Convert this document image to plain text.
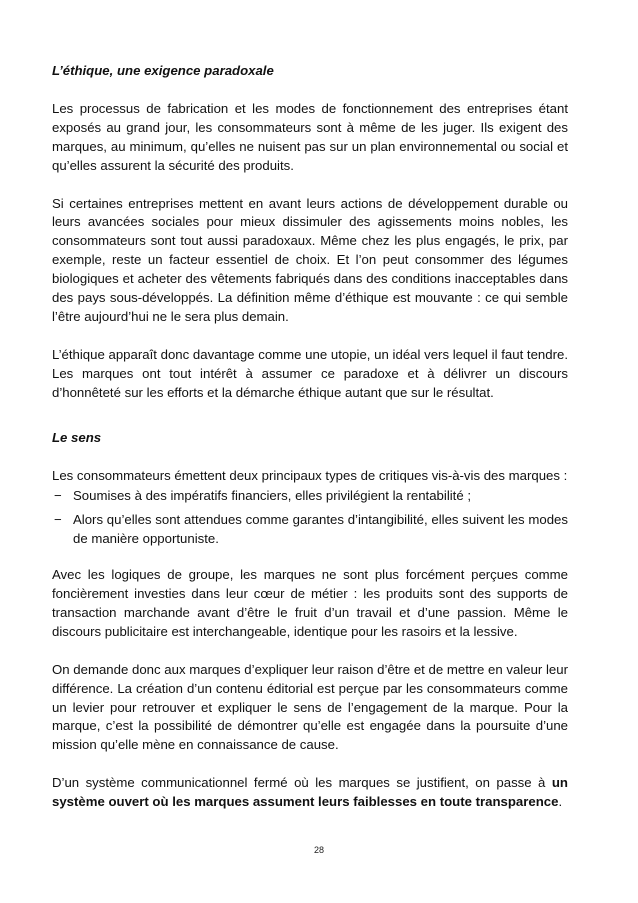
L’éthique, une exigence paradoxale

Les processus de fabrication et les modes de fonctionnement des entreprises étant exposés au grand jour, les consommateurs sont à même de les juger. Ils exigent des marques, au minimum, qu’elles ne nuisent pas sur un plan environnemental ou social et qu’elles assurent la sécurité des produits.

Si certaines entreprises mettent en avant leurs actions de développement durable ou leurs avancées sociales pour mieux dissimuler des agissements moins nobles, les consommateurs sont tout aussi paradoxaux. Même chez les plus engagés, le prix, par exemple, reste un facteur essentiel de choix. Et l’on peut consommer des légumes biologiques et acheter des vêtements fabriqués dans des conditions inacceptables dans des pays sous-développés. La définition même d’éthique est mouvante : ce qui semble l’être aujourd’hui ne le sera plus demain.

L’éthique apparaît donc davantage comme une utopie, un idéal vers lequel il faut tendre. Les marques ont tout intérêt à assumer ce paradoxe et à délivrer un discours d’honnêteté sur les efforts et la démarche éthique autant que sur le résultat.

Le sens

Les consommateurs émettent deux principaux types de critiques vis-à-vis des marques :

− Soumises à des impératifs financiers, elles privilégient la rentabilité ;
− Alors qu’elles sont attendues comme garantes d’intangibilité, elles suivent les modes de manière opportuniste.

Avec les logiques de groupe, les marques ne sont plus forcément perçues comme foncièrement investies dans leur cœur de métier : les produits sont des supports de transaction marchande avant d’être le fruit d’un travail et d’une passion. Même le discours publicitaire est interchangeable, identique pour les rasoirs et la lessive.

On demande donc aux marques d’expliquer leur raison d’être et de mettre en valeur leur différence. La création d’un contenu éditorial est perçue par les consommateurs comme un levier pour retrouver et expliquer le sens de l’engagement de la marque. Pour la marque, c’est la possibilité de démontrer qu’elle est engagée dans la poursuite d’une mission qu’elle mène en connaissance de cause.

D’un système communicationnel fermé où les marques se justifient, on passe à un système ouvert où les marques assument leurs faiblesses en toute transparence.

28
